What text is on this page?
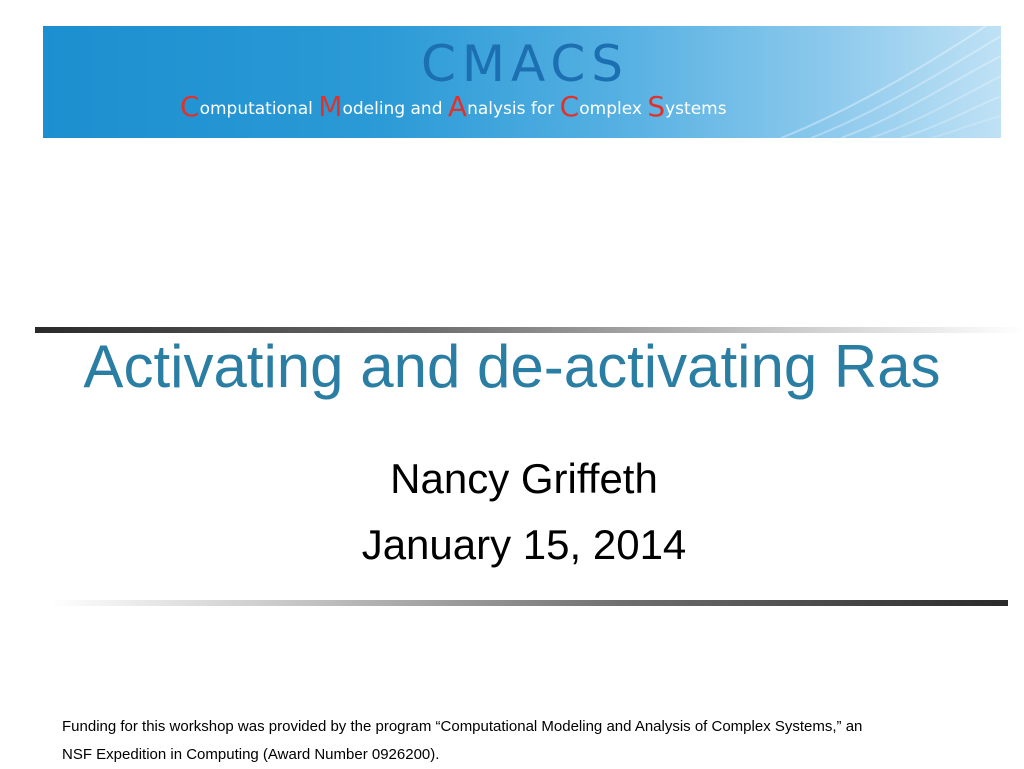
CMACS
Computational Modeling and Analysis for Complex Systems
Activating and de-activating Ras
Nancy Griffeth
January 15, 2014
Funding for this workshop was provided by the program “Computational Modeling and Analysis of Complex Systems,” an
NSF Expedition in Computing (Award Number 0926200).
